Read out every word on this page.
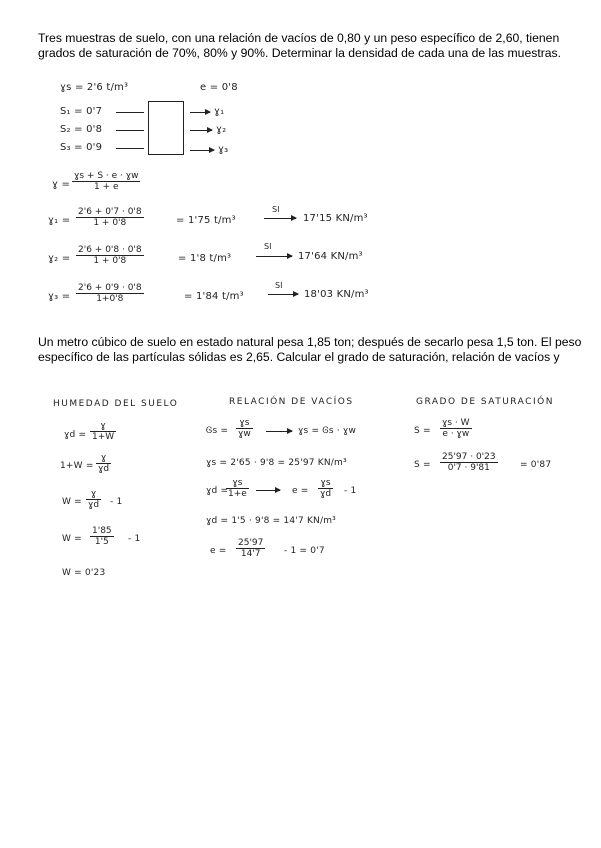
Tres muestras de suelo, con una relación de vacíos de 0,80 y un peso específico de 2,60, tienen grados de saturación de 70%, 80% y 90%. Determinar la densidad de cada una de las muestras.
ɣs = 2'6 t/m³	e = 0'8
S₁ = 0'7
S₂ = 0'8
S₃ = 0'9
ɣ₁
ɣ₂
ɣ₃
ɣ = $\frac{\text{ɣs + S · e · ɣw}}{1 + e}$
ɣ₁ = $\frac{2'6 + 0'7 \cdot 0'8}{1 + 0'8}$	= 1'75 t/m³
SI
17'15 KN/m³
ɣ₂ = $\frac{2'6 + 0'8 \cdot 0'8}{1 + 0'8}$	= 1'8 t/m³
SI
17'64 KN/m³
ɣ₃ = $\frac{2'6 + 0'9 \cdot 0'8}{1+0'8}$	= 1'84 t/m³
SI
18'03 KN/m³
Un metro cúbico de suelo en estado natural pesa 1,85 ton; después de secarlo pesa 1,5 ton. El peso específico de las partículas sólidas es 2,65. Calcular el grado de saturación, relación de vacíos y
HUMEDAD DEL SUELO
ɣd = $\frac{\text{ɣ}}{1+W}$
$1+W = \frac{\text{ɣ}}{\text{ɣd}}$
$W = \frac{\text{ɣ}}{\text{ɣd}} - 1$
$W = \frac{1'85}{1'5} - 1$
W = 0'23
RELACIÓN DE VACÍOS
Ꮆs = $\frac{\text{ɣs}}{\text{ɣw}}$	ɣs = Ꮆs · ɣw
ɣs = 2'65 · 9'8 = 25'97 KN/m³
ɣd =
$\frac{\text{ɣs}}{1+e}$	$e = \frac{\text{ɣs}}{\text{ɣd}} - 1$
ɣd = 1'5 · 9'8 = 14'7 KN/m³
$e = \frac{25'97}{14'7} - 1 = 0'7$
GRADO DE SATURACIÓN
$S = \frac{\text{ɣs · W}}{\text{e · ɣw}}$
$S = \frac{25'97 \cdot 0'23}{0'7 \cdot 9'81} = 0'87$
